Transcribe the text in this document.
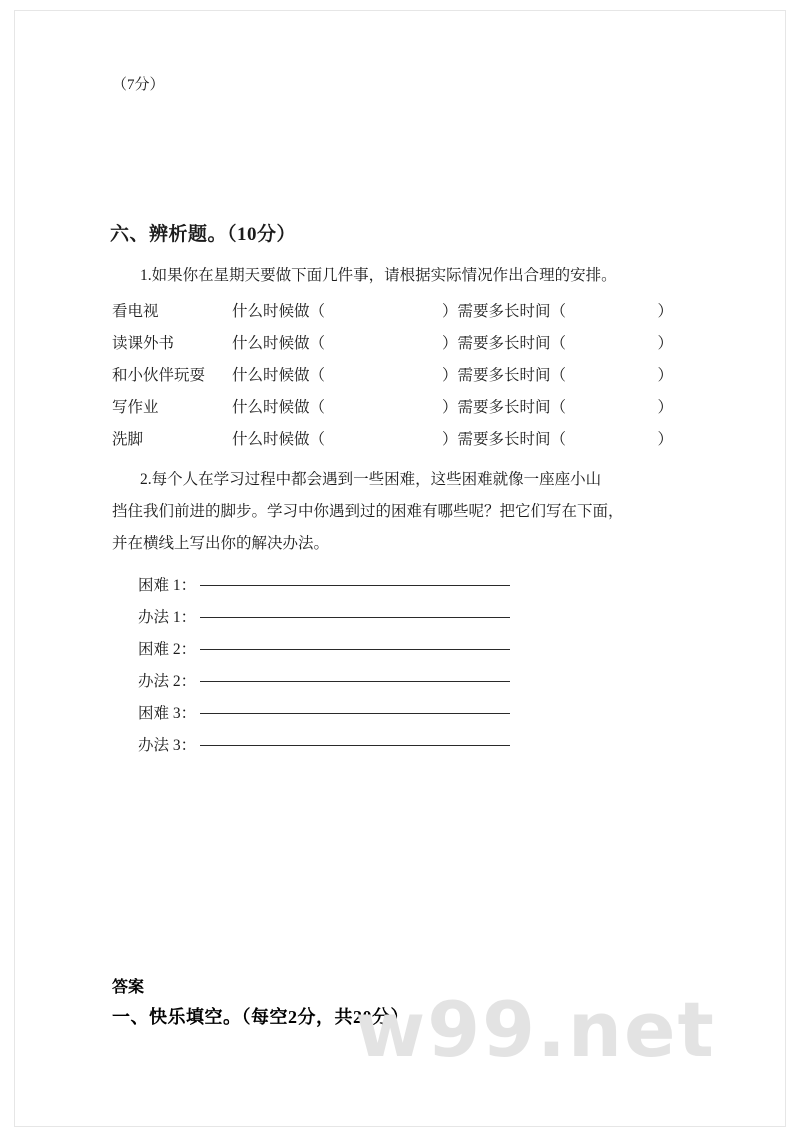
（7分）
六、辨析题。（10分）
1.如果你在星期天要做下面几件事，请根据实际情况作出合理的安排。
看电视	什么时候做（		）	需要多长时间（		）
读课外书	什么时候做（		）	需要多长时间（		）
和小伙伴玩耍	什么时候做（		）	需要多长时间（		）
写作业	什么时候做（		）	需要多长时间（		）
洗脚	什么时候做（		）	需要多长时间（		）
2.每个人在学习过程中都会遇到一些困难，这些困难就像一座座小山
挡住我们前进的脚步。学习中你遇到过的困难有哪些呢？把它们写在下面，
并在横线上写出你的解决办法。
困难 1：
办法 1：
困难 2：
办法 2：
困难 3：
办法 3：
答案
一、快乐填空。（每空2分，共20分）
w99.net
